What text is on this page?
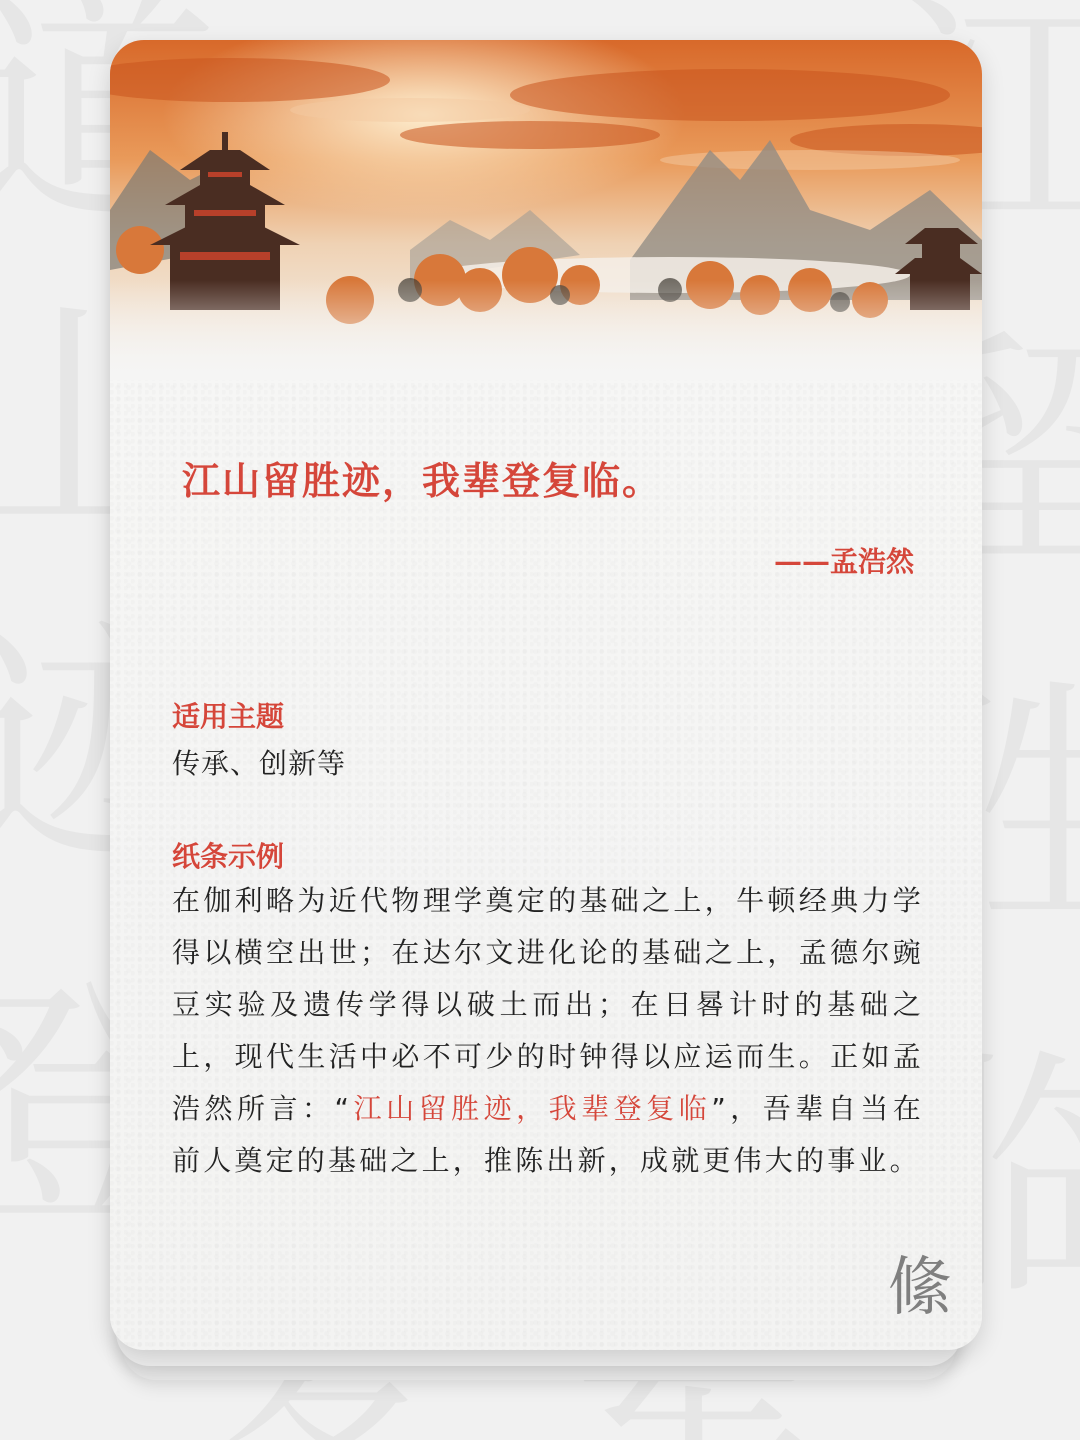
江山留胜迹，我辈登复临。

——孟浩然
适用主题
传承、创新等
纸条示例

在伽利略为近代物理学奠定的基础之上，牛顿经典力学得以横空出世；在达尔文进化论的基础之上，孟德尔豌豆实验及遗传学得以破土而出；在日晷计时的基础之上，现代生活中必不可少的时钟得以应运而生。正如孟浩然所言：“江山留胜迹，我辈登复临”，吾辈自当在前人奠定的基础之上，推陈出新，成就更伟大的事业。

絛
